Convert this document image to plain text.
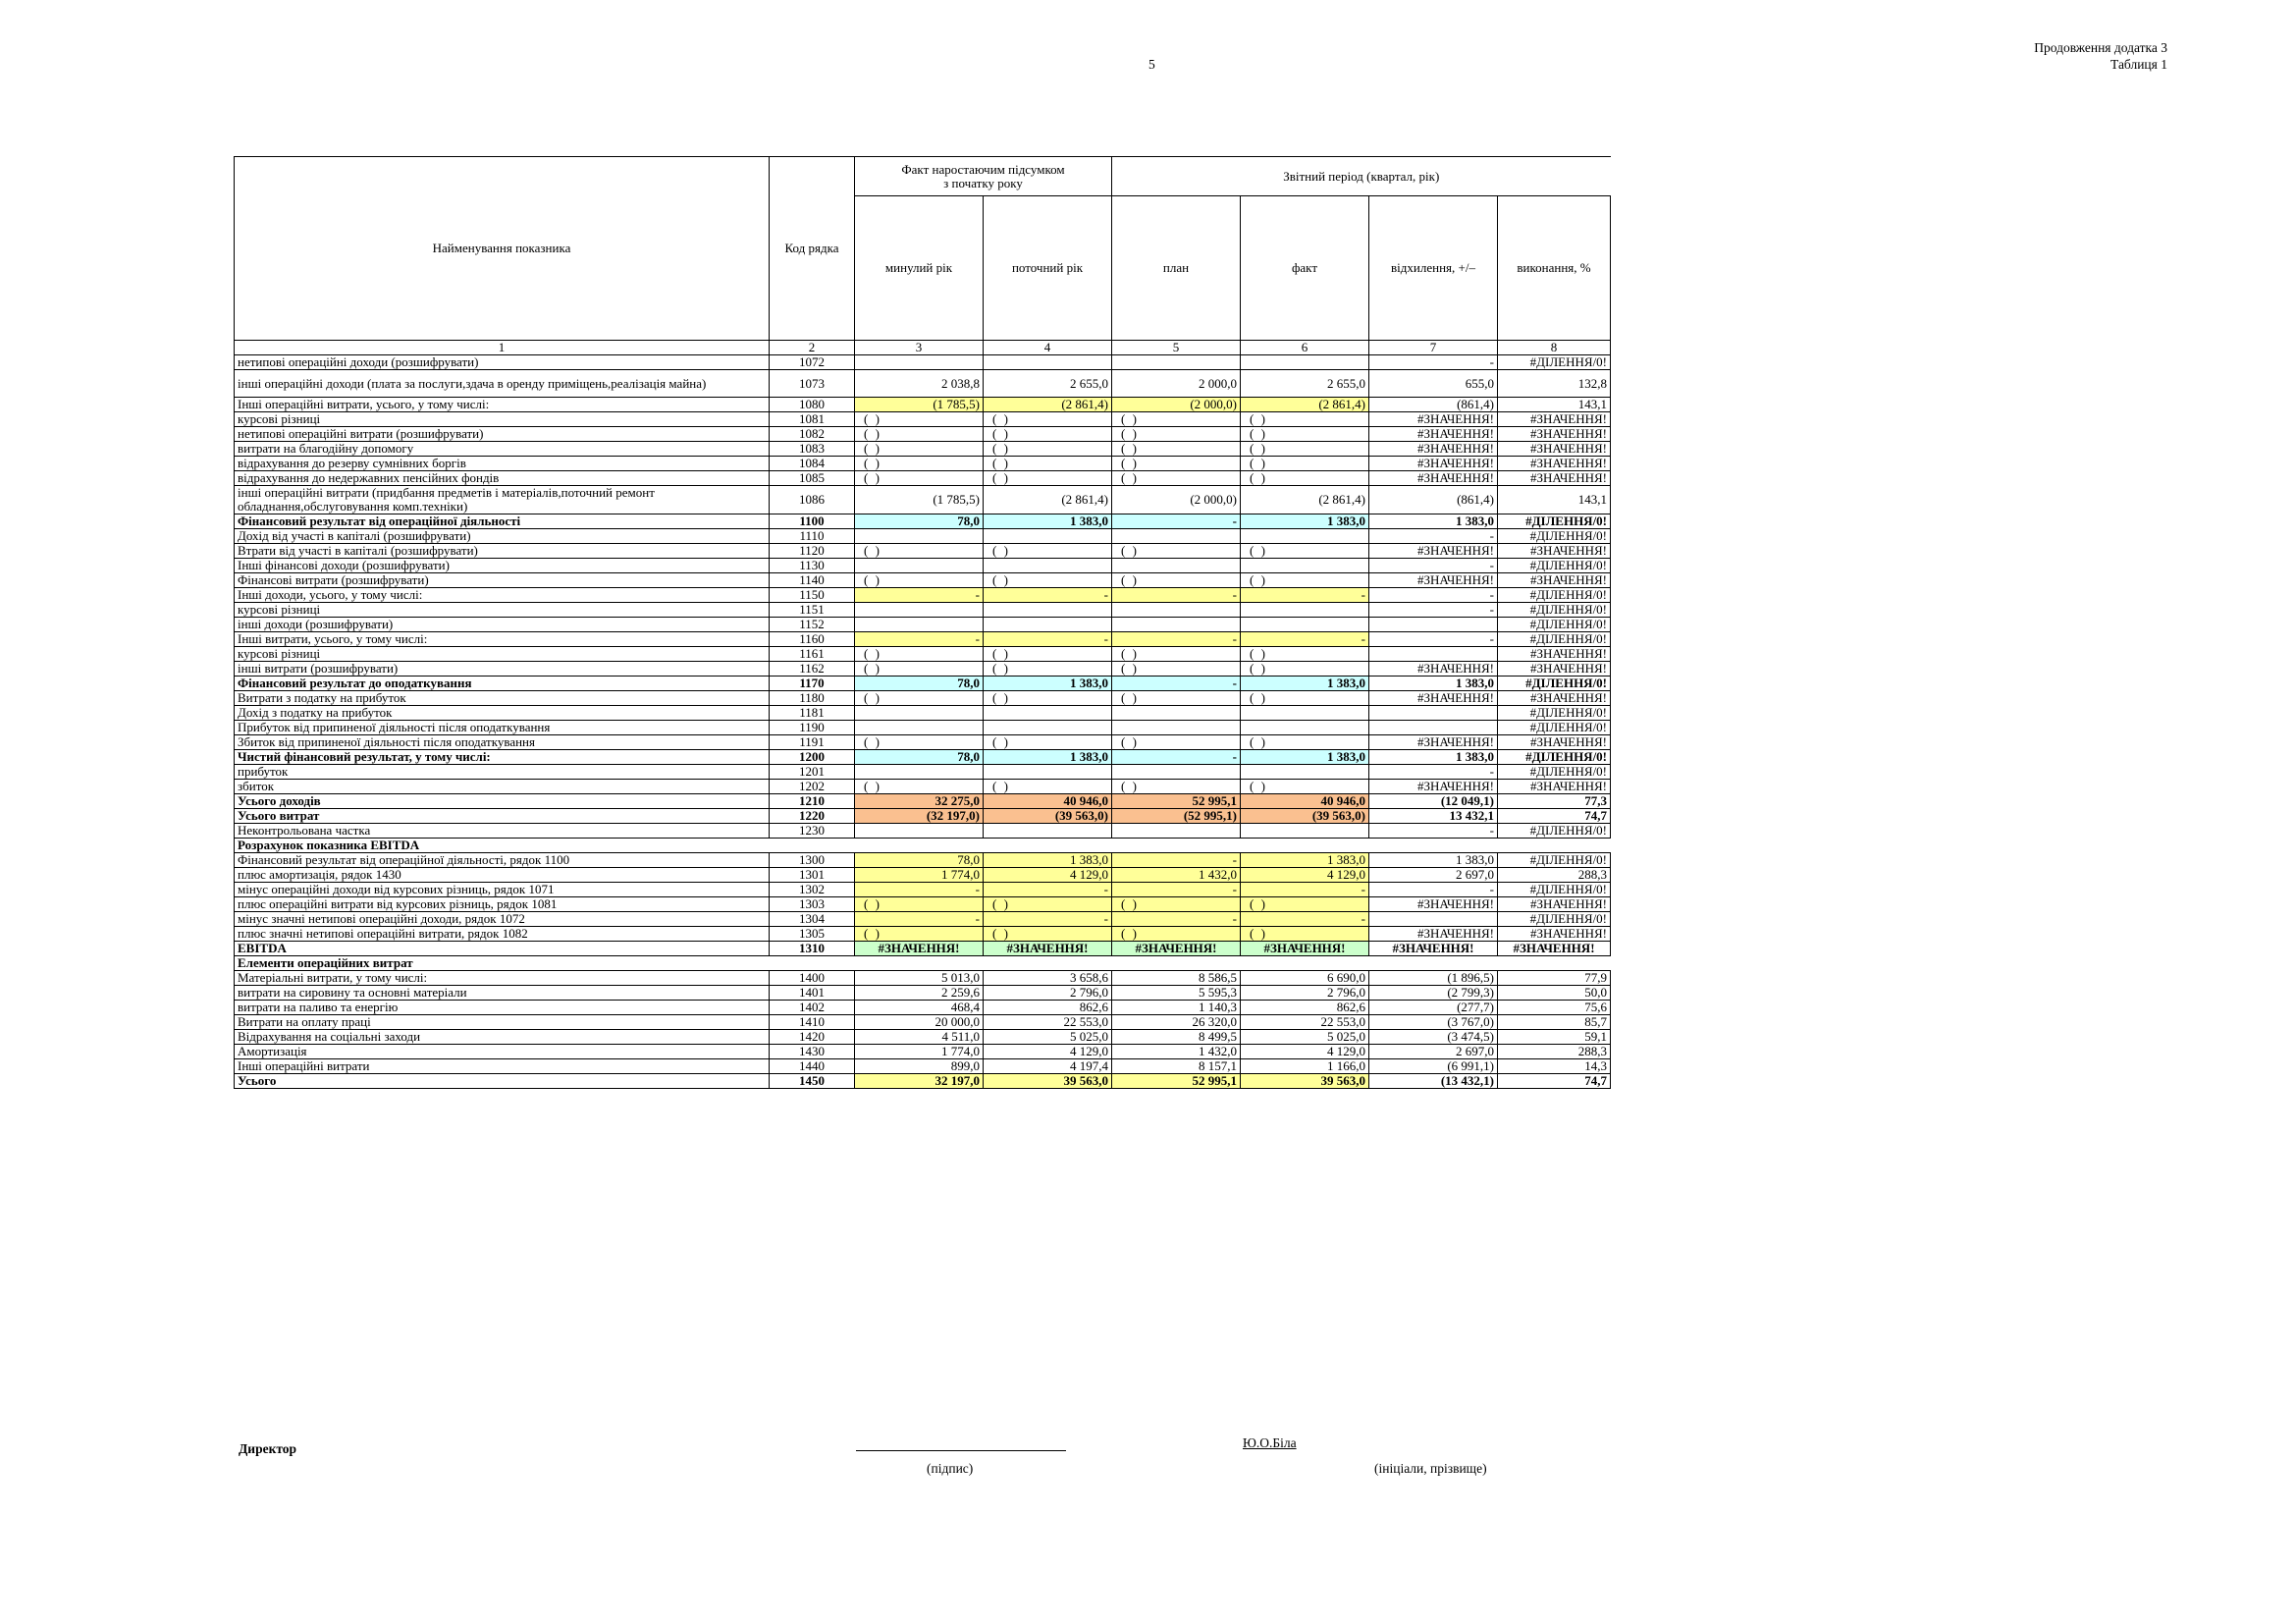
Продовження додатка 3
Таблиця 1
5
Найменування показника	Код рядка	Факт наростаючим підсумком
з початку року		Звітний період (квартал, рік)			
		минулий рік	поточний рік	план	факт	відхилення, +/–	виконання, %
1	2	3	4	5	6	7	8
нетипові операційні доходи (розшифрувати)	1072					-	#ДІЛЕННЯ/0!
інші операційні доходи (плата за послуги,здача в оренду приміщень,реалізація майна)	1073	2 038,8	2 655,0	2 000,0	2 655,0	655,0	132,8
Інші операційні витрати, усього, у тому числі:	1080	(1 785,5)	(2 861,4)	(2 000,0)	(2 861,4)	(861,4)	143,1
курсові різниці	1081	( )	( )	( )	( )	#ЗНАЧЕННЯ!	#ЗНАЧЕННЯ!
нетипові операційні витрати (розшифрувати)	1082	( )	( )	( )	( )	#ЗНАЧЕННЯ!	#ЗНАЧЕННЯ!
витрати на благодійну допомогу	1083	( )	( )	( )	( )	#ЗНАЧЕННЯ!	#ЗНАЧЕННЯ!
відрахування до резерву сумнівних боргів	1084	( )	( )	( )	( )	#ЗНАЧЕННЯ!	#ЗНАЧЕННЯ!
відрахування до недержавних пенсійних фондів	1085	( )	( )	( )	( )	#ЗНАЧЕННЯ!	#ЗНАЧЕННЯ!
інші операційні витрати (придбання предметів і матеріалів,поточний ремонт обладнання,обслуговування комп.техніки)	1086	(1 785,5)	(2 861,4)	(2 000,0)	(2 861,4)	(861,4)	143,1
Фінансовий результат від операційної діяльності	1100	78,0	1 383,0	-	1 383,0	1 383,0	#ДІЛЕННЯ/0!
Дохід від участі в капіталі (розшифрувати)	1110					-	#ДІЛЕННЯ/0!
Втрати від участі в капіталі (розшифрувати)	1120	( )	( )	( )	( )	#ЗНАЧЕННЯ!	#ЗНАЧЕННЯ!
Інші фінансові доходи (розшифрувати)	1130					-	#ДІЛЕННЯ/0!
Фінансові витрати (розшифрувати)	1140	( )	( )	( )	( )	#ЗНАЧЕННЯ!	#ЗНАЧЕННЯ!
Інші доходи, усього, у тому числі:	1150	-	-	-	-	-	#ДІЛЕННЯ/0!
курсові різниці	1151					-	#ДІЛЕННЯ/0!
інші доходи (розшифрувати)	1152						#ДІЛЕННЯ/0!
Інші витрати, усього, у тому числі:	1160	-	-	-	-	-	#ДІЛЕННЯ/0!
курсові різниці	1161	( )	( )	( )	( )		#ЗНАЧЕННЯ!
інші витрати (розшифрувати)	1162	( )	( )	( )	( )	#ЗНАЧЕННЯ!	#ЗНАЧЕННЯ!
Фінансовий результат до оподаткування	1170	78,0	1 383,0	-	1 383,0	1 383,0	#ДІЛЕННЯ/0!
Витрати з податку на прибуток	1180	( )	( )	( )	( )	#ЗНАЧЕННЯ!	#ЗНАЧЕННЯ!
Дохід з податку на прибуток	1181						#ДІЛЕННЯ/0!
Прибуток від припиненої діяльності після оподаткування	1190						#ДІЛЕННЯ/0!
Збиток від припиненої діяльності після оподаткування	1191	( )	( )	( )	( )	#ЗНАЧЕННЯ!	#ЗНАЧЕННЯ!
Чистий фінансовий результат, у тому числі:	1200	78,0	1 383,0	-	1 383,0	1 383,0	#ДІЛЕННЯ/0!
прибуток	1201					-	#ДІЛЕННЯ/0!
збиток	1202	( )	( )	( )	( )	#ЗНАЧЕННЯ!	#ЗНАЧЕННЯ!
Усього доходів	1210	32 275,0	40 946,0	52 995,1	40 946,0	(12 049,1)	77,3
Усього витрат	1220	(32 197,0)	(39 563,0)	(52 995,1)	(39 563,0)	13 432,1	74,7
Неконтрольована частка	1230					-	#ДІЛЕННЯ/0!
Розрахунок показника EBITDA							
Фінансовий результат від операційної діяльності, рядок 1100	1300	78,0	1 383,0	-	1 383,0	1 383,0	#ДІЛЕННЯ/0!
плюс амортизація, рядок 1430	1301	1 774,0	4 129,0	1 432,0	4 129,0	2 697,0	288,3
мінус операційні доходи від курсових різниць, рядок 1071	1302	-	-	-	-	-	#ДІЛЕННЯ/0!
плюс операційні витрати від курсових різниць, рядок 1081	1303	( )	( )	( )	( )	#ЗНАЧЕННЯ!	#ЗНАЧЕННЯ!
мінус значні нетипові операційні доходи, рядок 1072	1304	-	-	-	-		#ДІЛЕННЯ/0!
плюс значні нетипові операційні витрати, рядок 1082	1305	( )	( )	( )	( )	#ЗНАЧЕННЯ!	#ЗНАЧЕННЯ!
EBITDA	1310	#ЗНАЧЕННЯ!	#ЗНАЧЕННЯ!	#ЗНАЧЕННЯ!	#ЗНАЧЕННЯ!	#ЗНАЧЕННЯ!	#ЗНАЧЕННЯ!
Елементи операційних витрат							
Матеріальні витрати, у тому числі:	1400	5 013,0	3 658,6	8 586,5	6 690,0	(1 896,5)	77,9
витрати на сировину та основні матеріали	1401	2 259,6	2 796,0	5 595,3	2 796,0	(2 799,3)	50,0
витрати на паливо та енергію	1402	468,4	862,6	1 140,3	862,6	(277,7)	75,6
Витрати на оплату праці	1410	20 000,0	22 553,0	26 320,0	22 553,0	(3 767,0)	85,7
Відрахування на соціальні заходи	1420	4 511,0	5 025,0	8 499,5	5 025,0	(3 474,5)	59,1
Амортизація	1430	1 774,0	4 129,0	1 432,0	4 129,0	2 697,0	288,3
Інші операційні витрати	1440	899,0	4 197,4	8 157,1	1 166,0	(6 991,1)	14,3
Усього	1450	32 197,0	39 563,0	52 995,1	39 563,0	(13 432,1)	74,7
Директор	Ю.О.Біла
(підпис)	(ініціали, прізвище)
